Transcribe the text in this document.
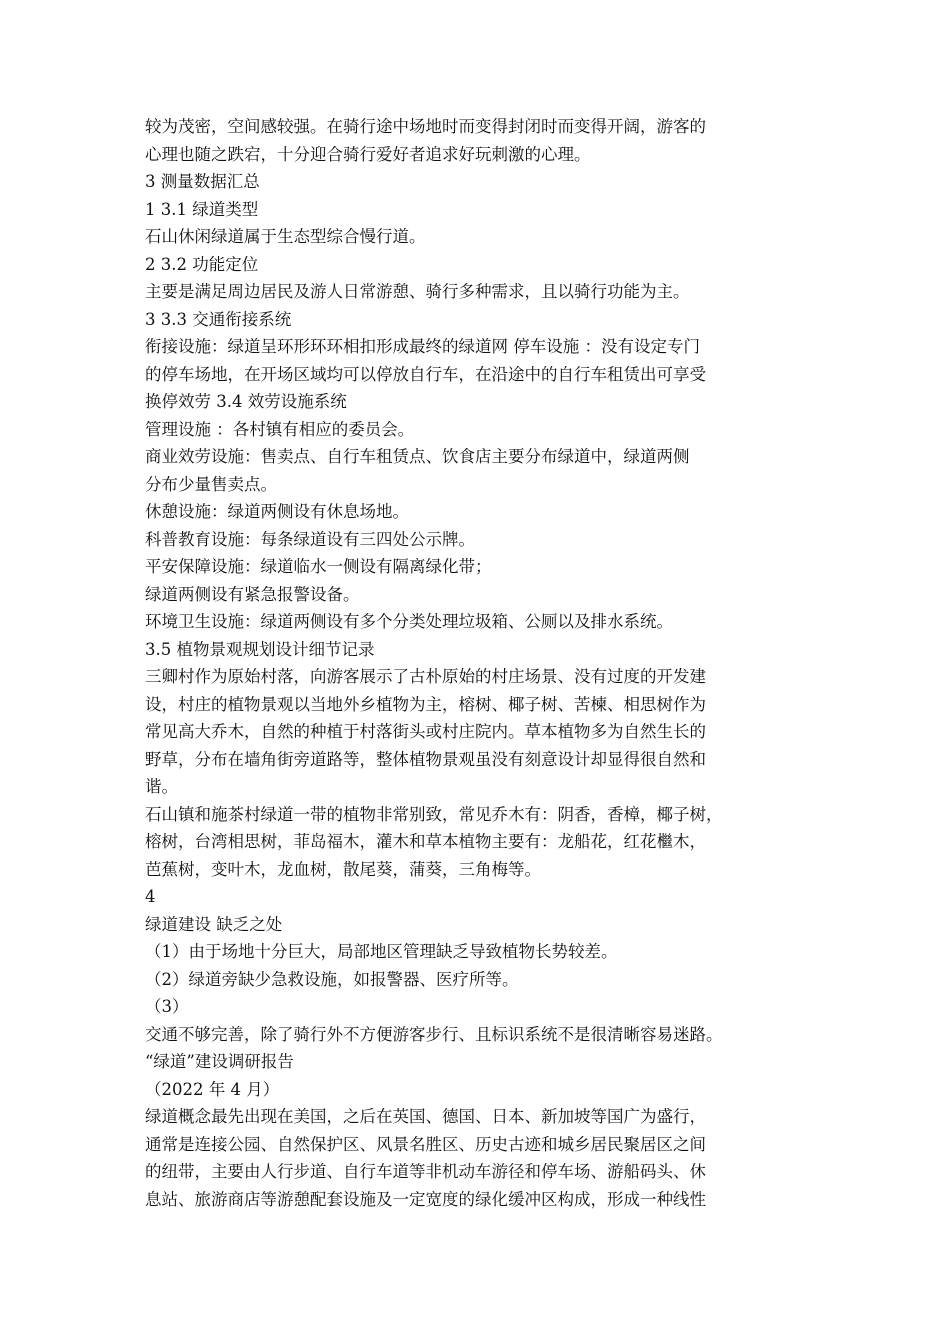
较为茂密，空间感较强。在骑行途中场地时而变得封闭时而变得开阔，游客的
心理也随之跌宕，十分迎合骑行爱好者追求好玩刺激的心理。
3 测量数据汇总
1 3.1 绿道类型
石山休闲绿道属于生态型综合慢行道。
2 3.2 功能定位
主要是满足周边居民及游人日常游憩、骑行多种需求，且以骑行功能为主。
3 3.3 交通衔接系统
衔接设施：绿道呈环形环环相扣形成最终的绿道网 停车设施 ：没有设定专门
的停车场地，在开场区域均可以停放自行车，在沿途中的自行车租赁出可享受
换停效劳 3.4 效劳设施系统
管理设施 ：各村镇有相应的委员会。
商业效劳设施：售卖点、自行车租赁点、饮食店主要分布绿道中，绿道两侧
分布少量售卖点。
休憩设施：绿道两侧设有休息场地。
科普教育设施：每条绿道设有三四处公示牌。
平安保障设施：绿道临水一侧设有隔离绿化带；
绿道两侧设有紧急报警设备。
环境卫生设施：绿道两侧设有多个分类处理垃圾箱、公厕以及排水系统。
3.5 植物景观规划设计细节记录
三卿村作为原始村落，向游客展示了古朴原始的村庄场景、没有过度的开发建
设，村庄的植物景观以当地外乡植物为主，榕树、椰子树、苦楝、相思树作为
常见高大乔木，自然的种植于村落街头或村庄院内。草本植物多为自然生长的
野草，分布在墙角街旁道路等，整体植物景观虽没有刻意设计却显得很自然和
谐。
石山镇和施茶村绿道一带的植物非常别致，常见乔木有：阴香，香樟，椰子树，
榕树，台湾相思树，菲岛福木，灌木和草本植物主要有：龙船花，红花檵木，
芭蕉树，变叶木，龙血树，散尾葵，蒲葵，三角梅等。
4
绿道建设 缺乏之处
（1）由于场地十分巨大，局部地区管理缺乏导致植物长势较差。
（2）绿道旁缺少急救设施，如报警器、医疗所等。
（3）
交通不够完善，除了骑行外不方便游客步行、且标识系统不是很清晰容易迷路。
“绿道”建设调研报告
（2022 年 4 月）
绿道概念最先出现在美国，之后在英国、德国、日本、新加坡等国广为盛行，
通常是连接公园、自然保护区、风景名胜区、历史古迹和城乡居民聚居区之间
的纽带，主要由人行步道、自行车道等非机动车游径和停车场、游船码头、休
息站、旅游商店等游憩配套设施及一定宽度的绿化缓冲区构成，形成一种线性
